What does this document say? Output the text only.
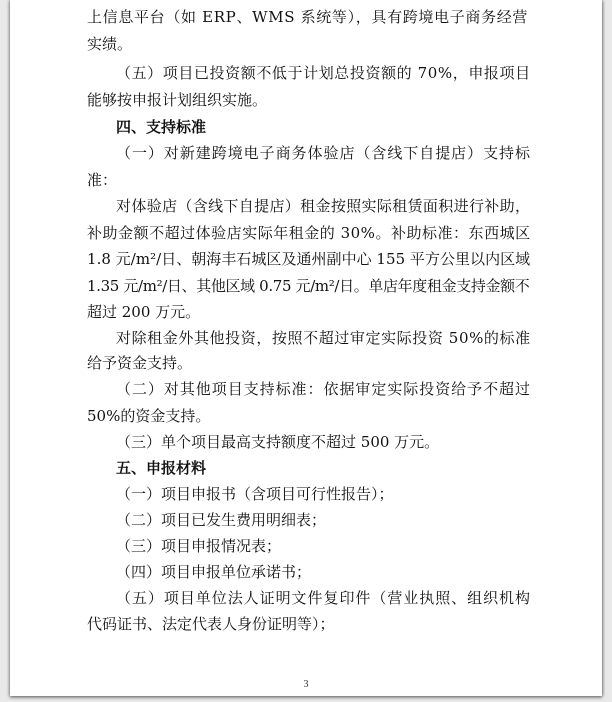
上信息平台（如 ERP、WMS 系统等），具有跨境电子商务经营
实绩。
（五）项目已投资额不低于计划总投资额的 70%，申报项目
能够按申报计划组织实施。
四、支持标准
（一）对新建跨境电子商务体验店（含线下自提店）支持标
准：
对体验店（含线下自提店）租金按照实际租赁面积进行补助，
补助金额不超过体验店实际年租金的 30%。补助标准：东西城区
1.8 元/m²/日、朝海丰石城区及通州副中心 155 平方公里以内区域
1.35 元/m²/日、其他区域 0.75 元/m²/日。单店年度租金支持金额不
超过 200 万元。
对除租金外其他投资，按照不超过审定实际投资 50%的标准
给予资金支持。
（二）对其他项目支持标准：依据审定实际投资给予不超过
50%的资金支持。
（三）单个项目最高支持额度不超过 500 万元。
五、申报材料
（一）项目申报书（含项目可行性报告）；
（二）项目已发生费用明细表；
（三）项目申报情况表；
（四）项目申报单位承诺书；
（五）项目单位法人证明文件复印件（营业执照、组织机构
代码证书、法定代表人身份证明等）；
3
